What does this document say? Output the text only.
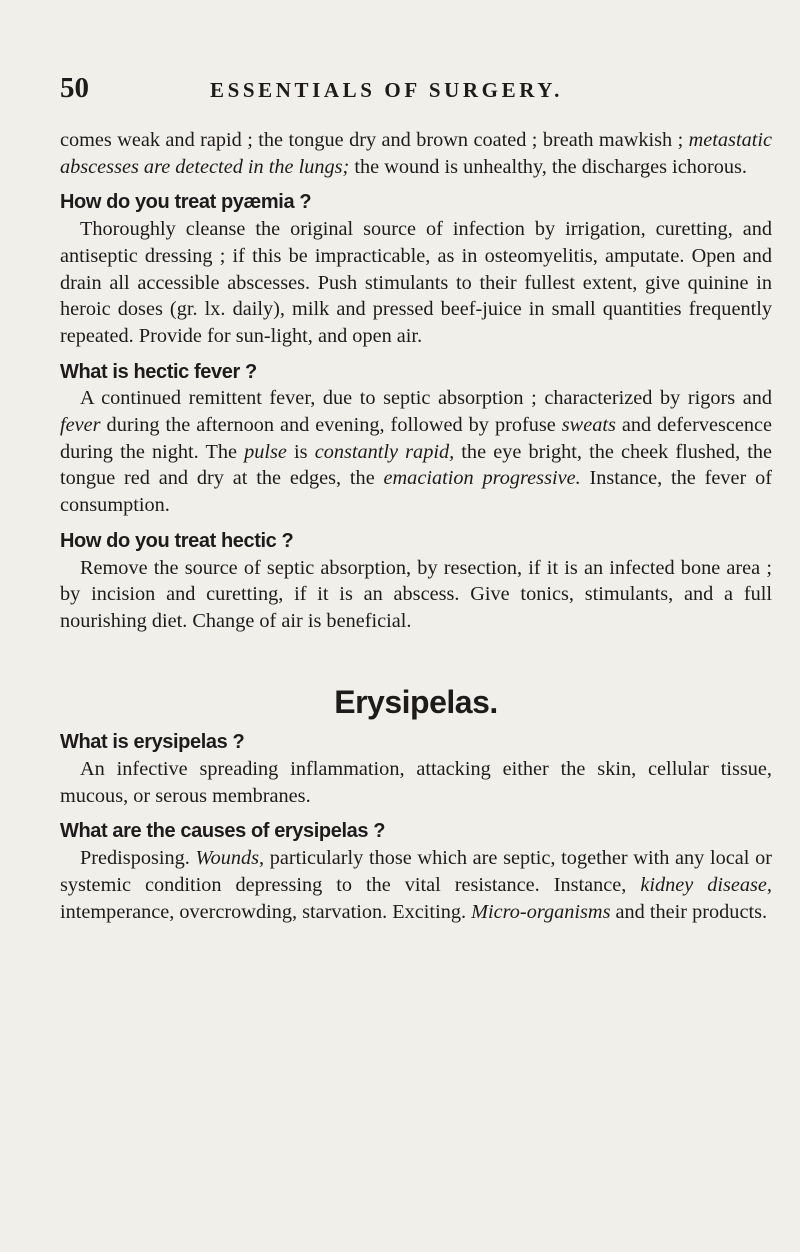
50	ESSENTIALS OF SURGERY.

comes weak and rapid ; the tongue dry and brown coated ; breath mawkish ; metastatic abscesses are detected in the lungs; the wound is unhealthy, the discharges ichorous.

How do you treat pyæmia ?

Thoroughly cleanse the original source of infection by irrigation, curetting, and antiseptic dressing ; if this be impracticable, as in osteomyelitis, amputate. Open and drain all accessible abscesses. Push stimulants to their fullest extent, give quinine in heroic doses (gr. lx. daily), milk and pressed beef-juice in small quantities frequently repeated. Provide for sun-light, and open air.

What is hectic fever ?

A continued remittent fever, due to septic absorption ; characterized by rigors and fever during the afternoon and evening, followed by profuse sweats and defervescence during the night. The pulse is constantly rapid, the eye bright, the cheek flushed, the tongue red and dry at the edges, the emaciation progressive. Instance, the fever of consumption.

How do you treat hectic ?

Remove the source of septic absorption, by resection, if it is an infected bone area ; by incision and curetting, if it is an abscess. Give tonics, stimulants, and a full nourishing diet. Change of air is beneficial.

Erysipelas.

What is erysipelas ?

An infective spreading inflammation, attacking either the skin, cellular tissue, mucous, or serous membranes.

What are the causes of erysipelas ?

Predisposing. Wounds, particularly those which are septic, together with any local or systemic condition depressing to the vital resistance. Instance, kidney disease, intemperance, overcrowding, starvation. Exciting. Micro-organisms and their products.
